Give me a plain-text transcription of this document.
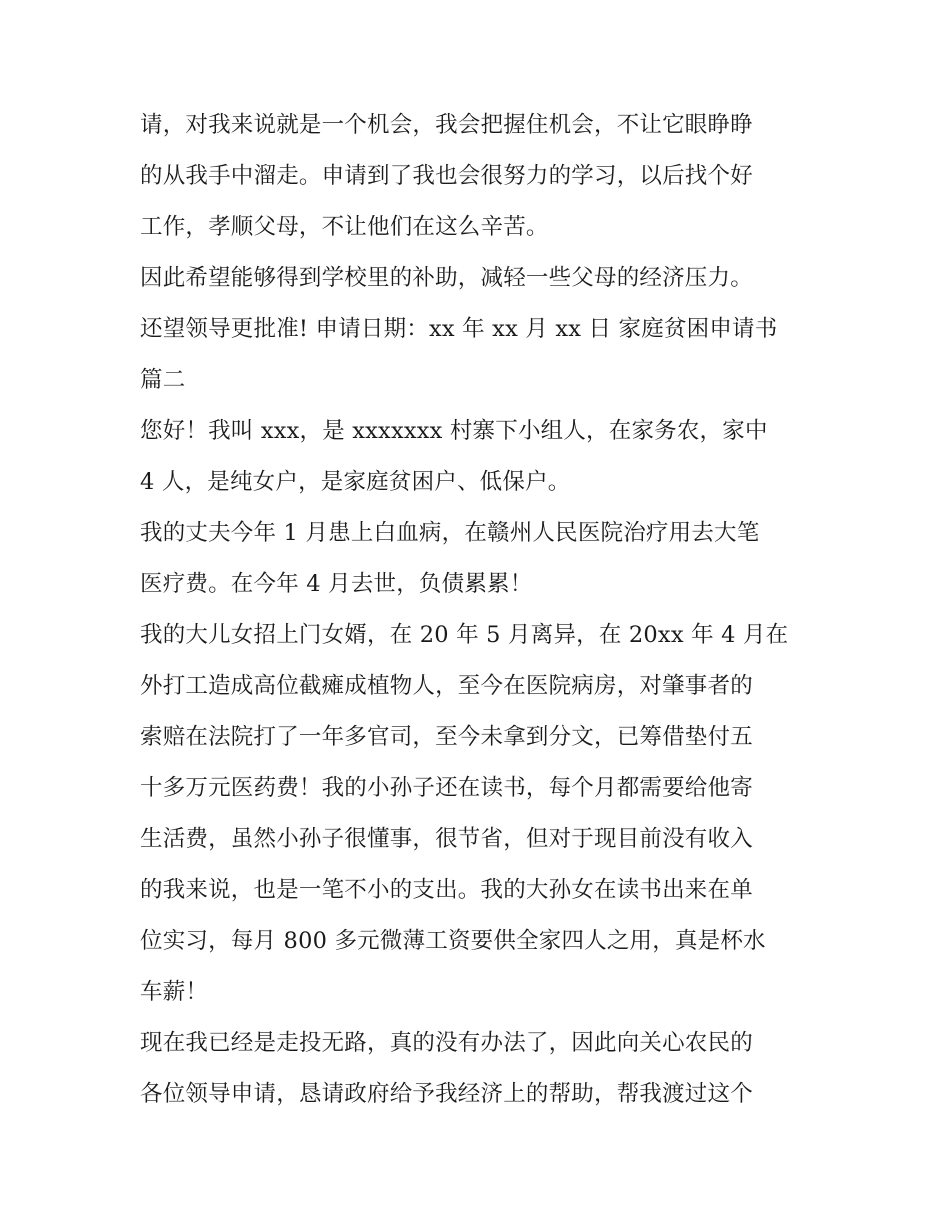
请，对我来说就是一个机会，我会把握住机会，不让它眼睁睁
的从我手中溜走。申请到了我也会很努力的学习，以后找个好
工作，孝顺父母，不让他们在这么辛苦。
因此希望能够得到学校里的补助，减轻一些父母的经济压力。
还望领导更批准! 申请日期：xx 年 xx 月 xx 日 家庭贫困申请书
篇二
您好！我叫 xxx，是 xxxxxxx 村寨下小组人，在家务农，家中
4 人，是纯女户，是家庭贫困户、低保户。
我的丈夫今年 1 月患上白血病，在赣州人民医院治疗用去大笔
医疗费。在今年 4 月去世，负债累累！
我的大儿女招上门女婿，在 20 年 5 月离异，在 20xx 年 4 月在
外打工造成高位截瘫成植物人，至今在医院病房，对肇事者的
索赔在法院打了一年多官司，至今未拿到分文，已筹借垫付五
十多万元医药费！我的小孙子还在读书，每个月都需要给他寄
生活费，虽然小孙子很懂事，很节省，但对于现目前没有收入
的我来说，也是一笔不小的支出。我的大孙女在读书出来在单
位实习，每月 800 多元微薄工资要供全家四人之用，真是杯水
车薪！
现在我已经是走投无路，真的没有办法了，因此向关心农民的
各位领导申请，恳请政府给予我经济上的帮助，帮我渡过这个
